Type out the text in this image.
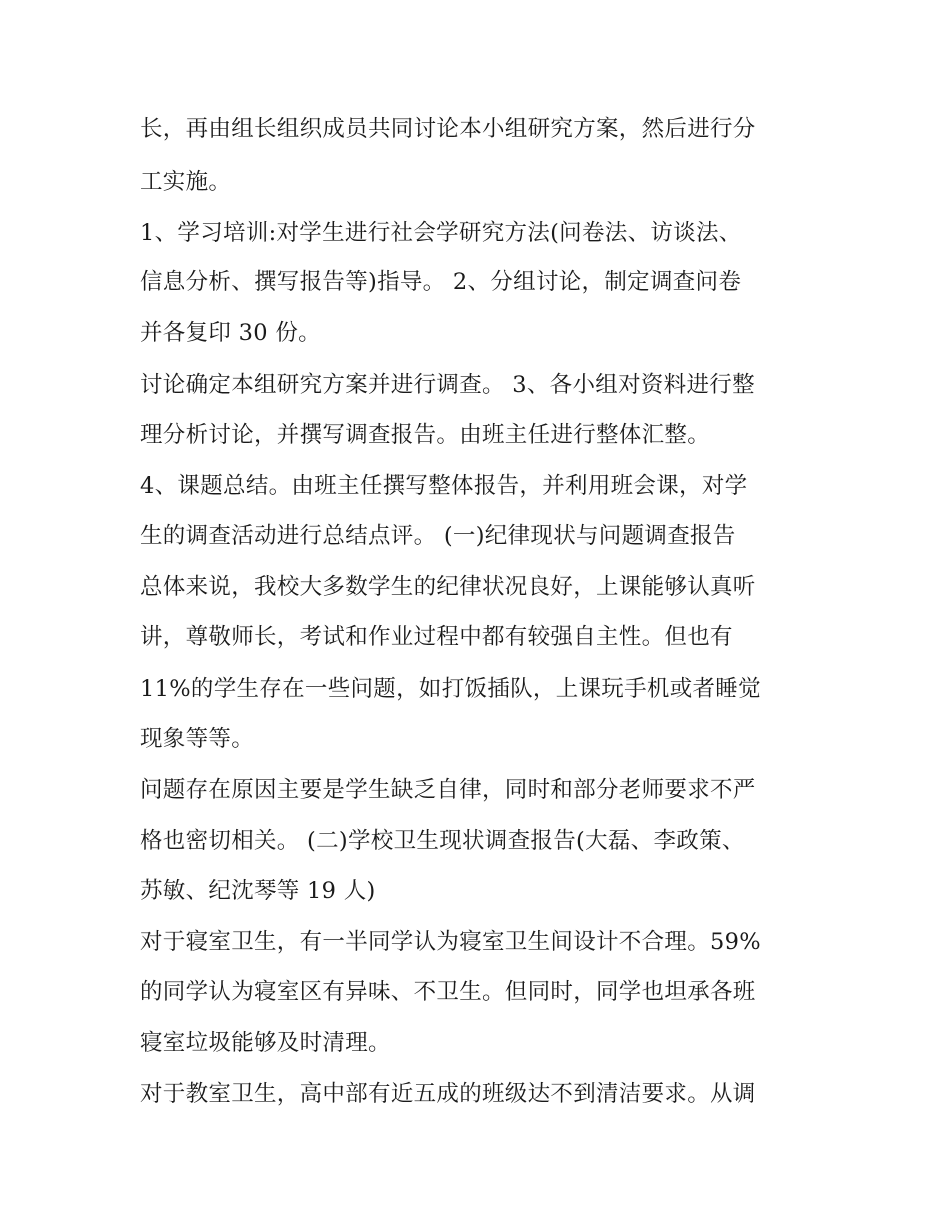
长，再由组长组织成员共同讨论本小组研究方案，然后进行分
工实施。
1、学习培训:对学生进行社会学研究方法(问卷法、访谈法、
信息分析、撰写报告等)指导。 2、分组讨论，制定调查问卷
并各复印 30 份。
讨论确定本组研究方案并进行调查。 3、各小组对资料进行整
理分析讨论，并撰写调查报告。由班主任进行整体汇整。
4、课题总结。由班主任撰写整体报告，并利用班会课，对学
生的调查活动进行总结点评。 (一)纪律现状与问题调查报告
总体来说，我校大多数学生的纪律状况良好，上课能够认真听
讲，尊敬师长，考试和作业过程中都有较强自主性。但也有
11%的学生存在一些问题，如打饭插队，上课玩手机或者睡觉
现象等等。
问题存在原因主要是学生缺乏自律，同时和部分老师要求不严
格也密切相关。 (二)学校卫生现状调查报告(大磊、李政策、
苏敏、纪沈琴等 19 人)
对于寝室卫生，有一半同学认为寝室卫生间设计不合理。59%
的同学认为寝室区有异味、不卫生。但同时，同学也坦承各班
寝室垃圾能够及时清理。
对于教室卫生，高中部有近五成的班级达不到清洁要求。从调
